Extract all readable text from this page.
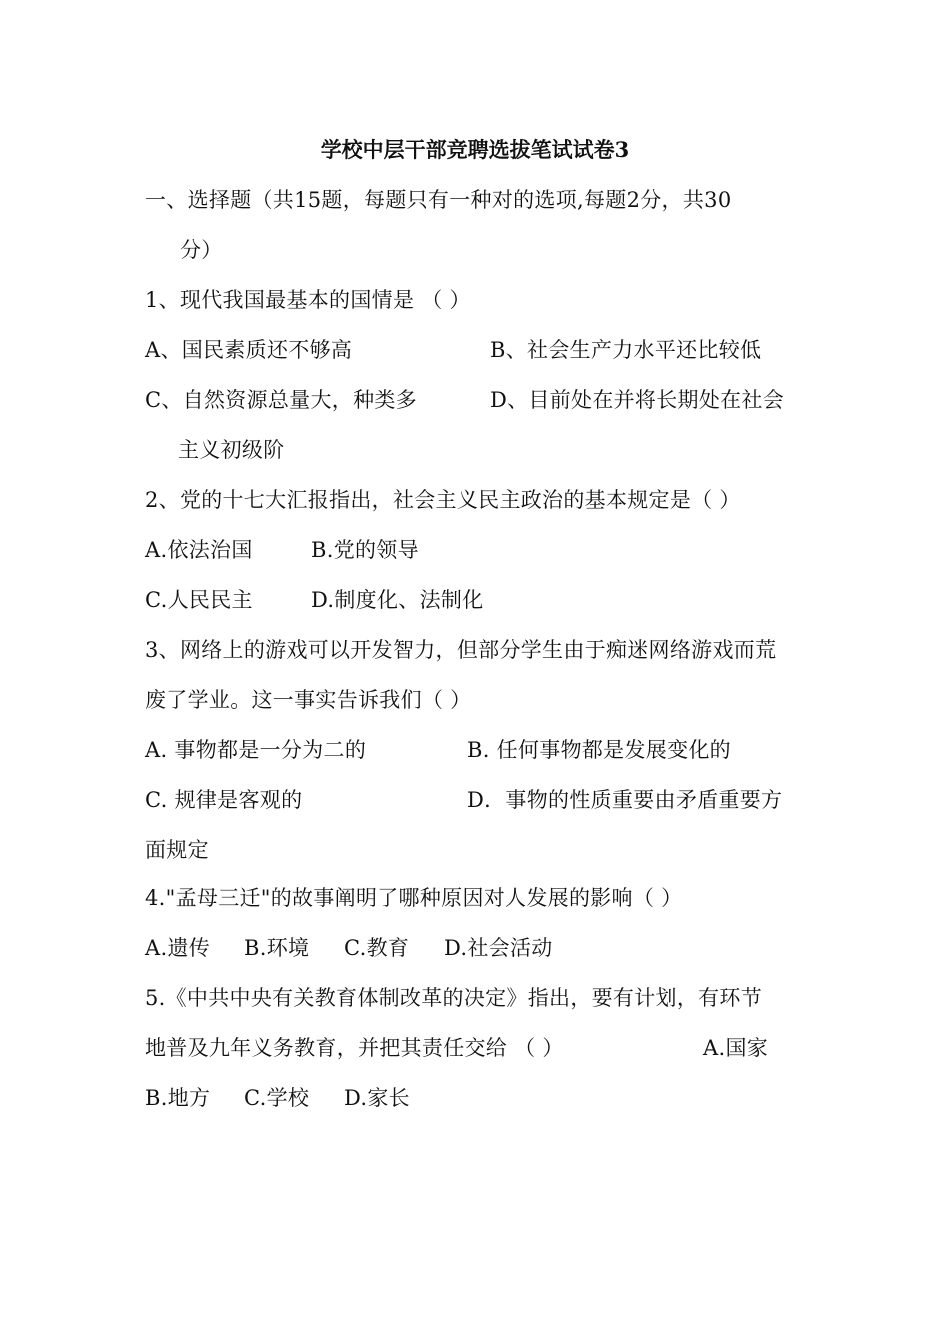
学校中层干部竞聘选拔笔试试卷3
一、选择题（共15题，每题只有一种对的选项,每题2分，共30
分）
1、现代我国最基本的国情是 （ ）
A、国民素质还不够高	B、社会生产力水平还比较低
C、自然资源总量大，种类多	D、目前处在并将长期处在社会
主义初级阶
2、党的十七大汇报指出，社会主义民主政治的基本规定是（ ）
A.依法治国	B.党的领导
C.人民民主	D.制度化、法制化
3、网络上的游戏可以开发智力，但部分学生由于痴迷网络游戏而荒
废了学业。这一事实告诉我们（ ）
A. 事物都是一分为二的	B. 任何事物都是发展变化的
C. 规律是客观的	D．事物的性质重要由矛盾重要方
面规定
4."孟母三迁"的故事阐明了哪种原因对人发展的影响（ ）
A.遗传 B.环境 C.教育 D.社会活动
5.《中共中央有关教育体制改革的决定》指出，要有计划，有环节
地普及九年义务教育，并把其责任交给 （ ）	A.国家
B.地方 C.学校 D.家长
